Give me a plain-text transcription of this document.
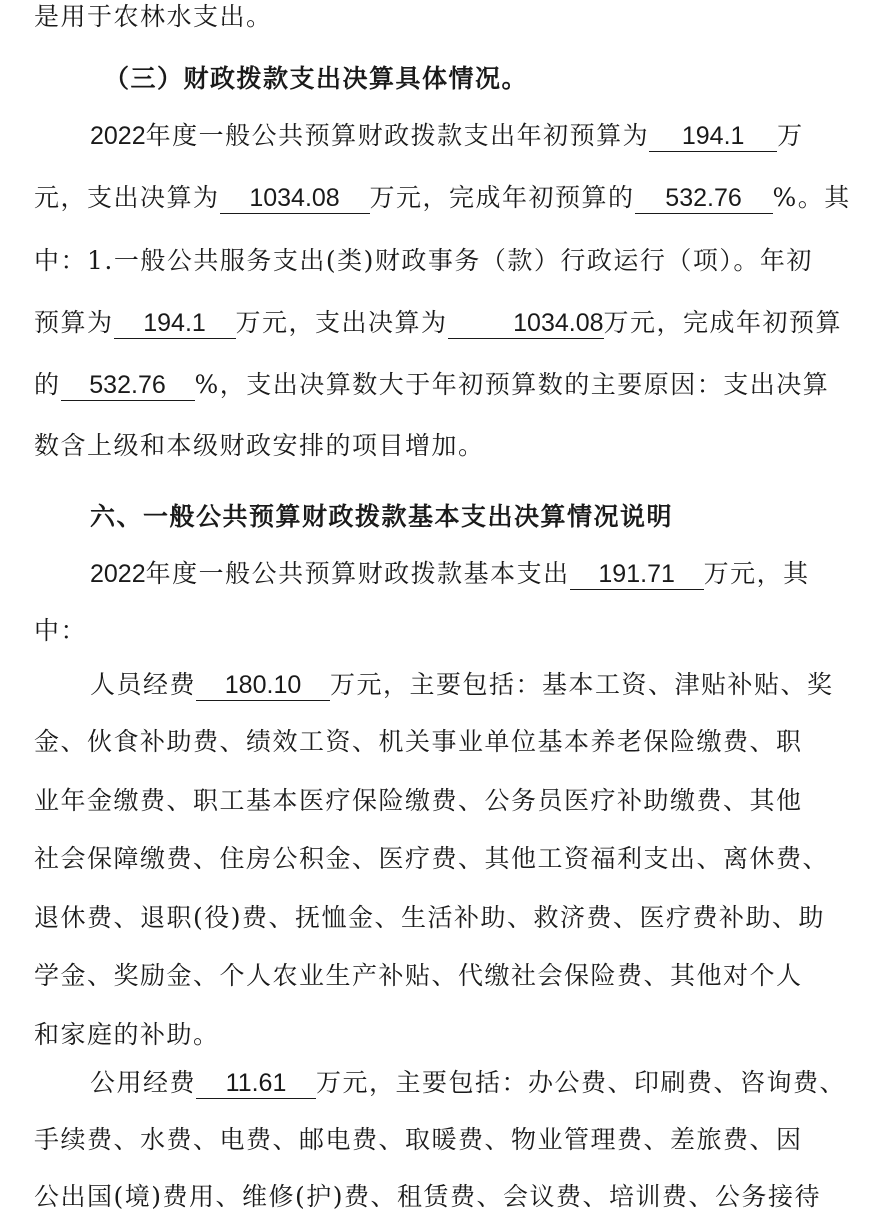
是用于农林水支出。
（三）财政拨款支出决算具体情况。
2022年度一般公共预算财政拨款支出年初预算为 194.1 万
元，支出决算为 1034.08 万元，完成年初预算的 532.76 %。其
中：1.一般公共服务支出(类)财政事务（款）行政运行（项）。年初
预算为 194.1 万元，支出决算为	1034.08万元，完成年初预算
的 532.76 %，支出决算数大于年初预算数的主要原因：支出决算
数含上级和本级财政安排的项目增加。
六、一般公共预算财政拨款基本支出决算情况说明
2022年度一般公共预算财政拨款基本支出 191.71 万元，其
中：
人员经费 180.10 万元，主要包括：基本工资、津贴补贴、奖
金、伙食补助费、绩效工资、机关事业单位基本养老保险缴费、职
业年金缴费、职工基本医疗保险缴费、公务员医疗补助缴费、其他
社会保障缴费、住房公积金、医疗费、其他工资福利支出、离休费、
退休费、退职(役)费、抚恤金、生活补助、救济费、医疗费补助、助
学金、奖励金、个人农业生产补贴、代缴社会保险费、其他对个人
和家庭的补助。
公用经费 11.61 万元，主要包括：办公费、印刷费、咨询费、
手续费、水费、电费、邮电费、取暖费、物业管理费、差旅费、因
公出国(境)费用、维修(护)费、租赁费、会议费、培训费、公务接待
